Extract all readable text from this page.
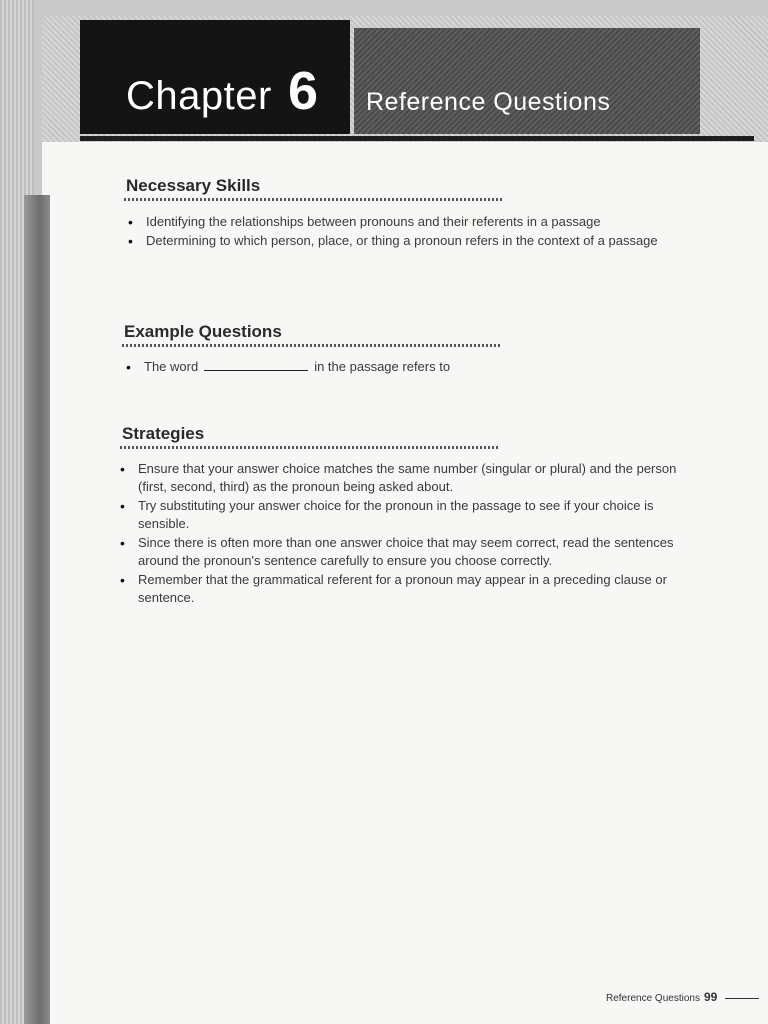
Chapter 6 Reference Questions
Necessary Skills
• Identifying the relationships between pronouns and their referents in a passage
• Determining to which person, place, or thing a pronoun refers in the context of a passage
Example Questions
• The word	in the passage refers to
Strategies
• Ensure that your answer choice matches the same number (singular or plural) and the person (first, second, third) as the pronoun being asked about.
• Try substituting your answer choice for the pronoun in the passage to see if your choice is sensible.
• Since there is often more than one answer choice that may seem correct, read the sentences around the pronoun's sentence carefully to ensure you choose correctly.
• Remember that the grammatical referent for a pronoun may appear in a preceding clause or sentence.
Reference Questions 99
